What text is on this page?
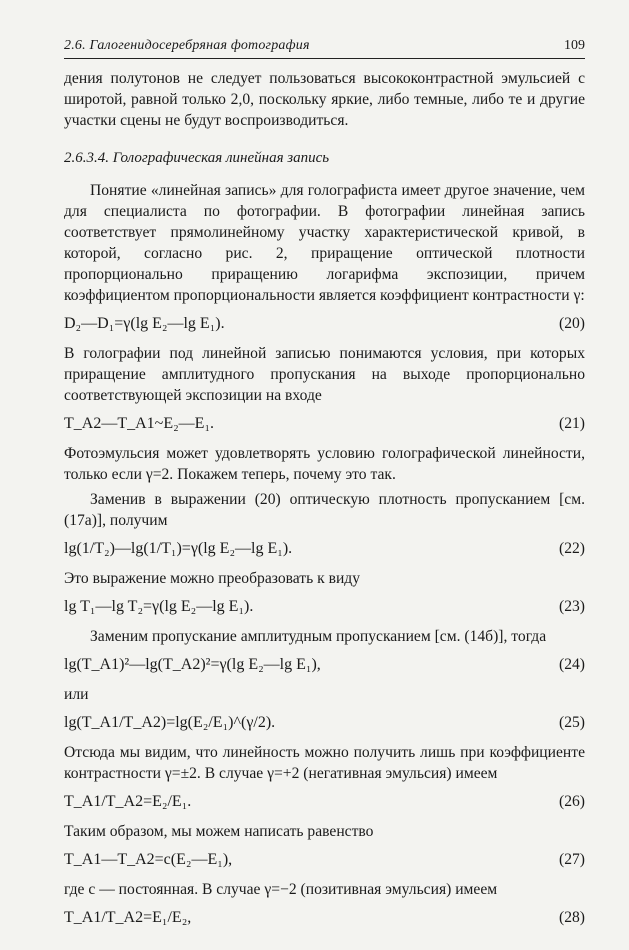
2.6. Галогенидосеребряная фотография	109

дения полутонов не следует пользоваться высококонтрастной эмульсией с широтой, равной только 2,0, поскольку яркие, либо темные, либо те и другие участки сцены не будут воспроизводиться.

2.6.3.4. Голографическая линейная запись

Понятие «линейная запись» для голографиста имеет другое значение, чем для специалиста по фотографии. В фотографии линейная запись соответствует прямолинейному участку характеристической кривой, в которой, согласно рис. 2, приращение оптической плотности пропорционально приращению логарифма экспозиции, причем коэффициентом пропорциональности является коэффициент контрастности γ:

D₂—D₁=γ(lg E₂—lg E₁).	(20)

В голографии под линейной записью понимаются условия, при которых приращение амплитудного пропускания на выходе пропорционально соответствующей экспозиции на входе

T_A2—T_A1~E₂—E₁.	(21)

Фотоэмульсия может удовлетворять условию голографической линейности, только если γ=2. Покажем теперь, почему это так.

Заменив в выражении (20) оптическую плотность пропусканием [см. (17а)], получим

lg(1/T₂)—lg(1/T₁)=γ(lg E₂—lg E₁).	(22)

Это выражение можно преобразовать к виду

lg T₁—lg T₂=γ(lg E₂—lg E₁).	(23)

Заменим пропускание амплитудным пропусканием [см. (14б)], тогда

lg(T_A1)²—lg(T_A2)²=γ(lg E₂—lg E₁),	(24)

или

lg(T_A1/T_A2)=lg(E₂/E₁)^(γ/2).	(25)

Отсюда мы видим, что линейность можно получить лишь при коэффициенте контрастности γ=±2. В случае γ=+2 (негативная эмульсия) имеем

T_A1/T_A2=E₂/E₁.	(26)

Таким образом, мы можем написать равенство

T_A1—T_A2=c(E₂—E₁),	(27)

где c — постоянная. В случае γ=−2 (позитивная эмульсия) имеем

T_A1/T_A2=E₁/E₂,	(28)
